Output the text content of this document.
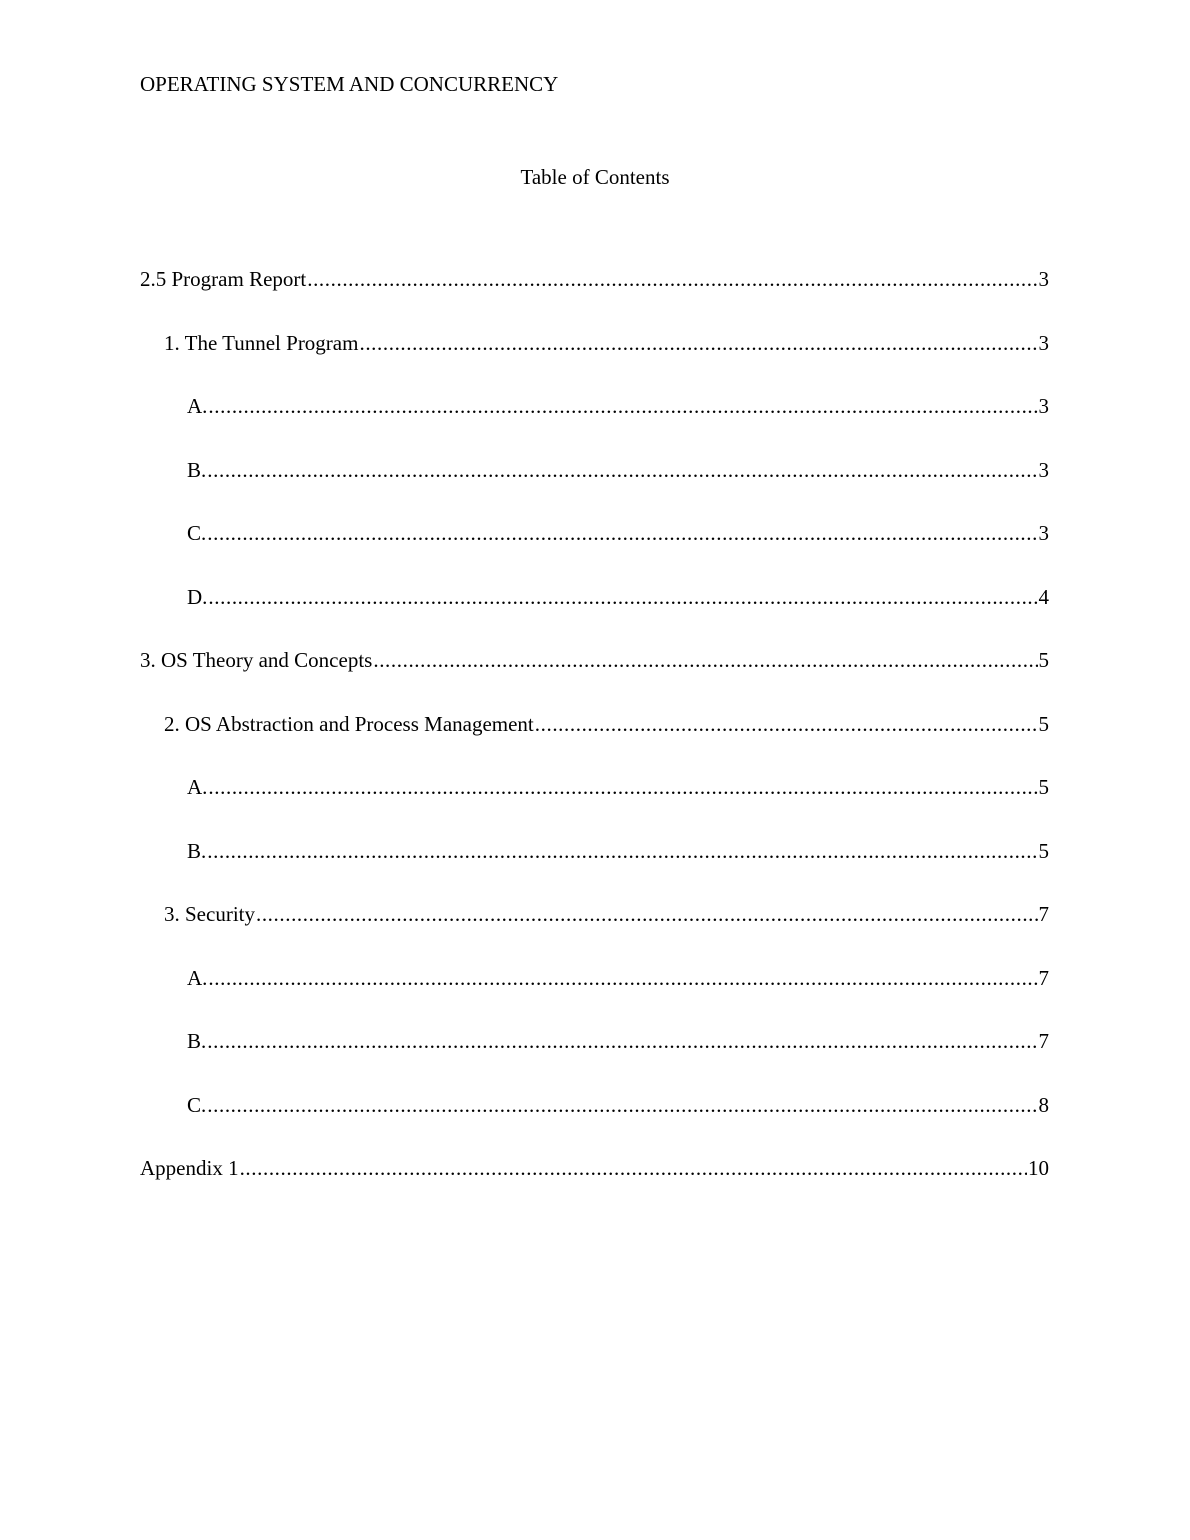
OPERATING SYSTEM AND CONCURRENCY
Table of Contents
2.5 Program Report .....	3
1. The Tunnel Program .....	3
A. .....	3
B. .....	3
C. .....	3
D. .....	4
3. OS Theory and Concepts .....	5
2. OS Abstraction and Process Management .....	5
A. .....	5
B. .....	5
3. Security .....	7
A. .....	7
B. .....	7
C. .....	8
Appendix 1 .....	10
